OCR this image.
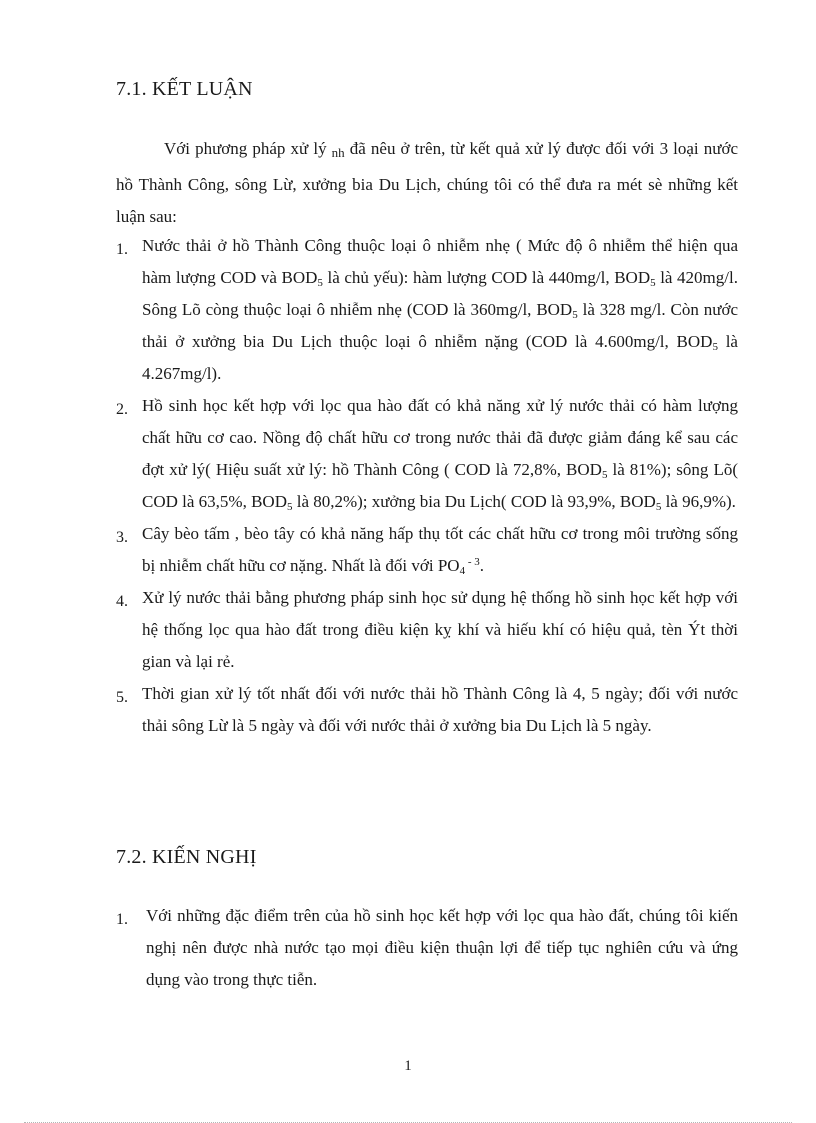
7.1. KẾT LUẬN

Với phương pháp xử lý nh đã nêu ở trên, từ kết quả xử lý được đối với 3 loại nước hồ Thành Công, sông Lừ, xưởng bia Du Lịch, chúng tôi có thể đưa ra mét sè những kết luận sau:

1. Nước thải ở hồ Thành Công thuộc loại ô nhiễm nhẹ ( Mức độ ô nhiễm thể hiện qua hàm lượng COD và $BOD_5$ là chủ yếu): hàm lượng COD là 440mg/l, $BOD_5$ là 420mg/l. Sông Lõ còng thuộc loại ô nhiễm nhẹ (COD là 360mg/l, $BOD_5$ là 328 mg/l. Còn nước thải ở xưởng bia Du Lịch thuộc loại ô nhiễm nặng (COD là 4.600mg/l, $BOD_5$ là 4.267mg/l).
2. Hồ sinh học kết hợp với lọc qua hào đất có khả năng xử lý nước thải có hàm lượng chất hữu cơ cao. Nồng độ chất hữu cơ trong nước thải đã được giảm đáng kể sau các đợt xử lý( Hiệu suất xử lý: hồ Thành Công ( COD là 72,8%, $BOD_5$ là 81%); sông Lõ( COD là 63,5%, $BOD_5$ là 80,2%); xưởng bia Du Lịch( COD là 93,9%, $BOD_5$ là 96,9%).
3. Cây bèo tấm , bèo tây có khả năng hấp thụ tốt các chất hữu cơ trong môi trường sống bị nhiễm chất hữu cơ nặng. Nhất là đối với $PO_4$ $^{- 3}$.
4. Xử lý nước thải bằng phương pháp sinh học sử dụng hệ thống hồ sinh học kết hợp với hệ thống lọc qua hào đất trong điều kiện kỵ khí và hiếu khí có hiệu quả, tèn Ýt thời gian và lại rẻ.
5. Thời gian xử lý tốt nhất đối với nước thải hồ Thành Công là 4, 5 ngày; đối với nước thải sông Lừ là 5 ngày và đối với nước thải ở xưởng bia Du Lịch là 5 ngày.
7.2. KIẾN NGHỊ
1. Với những đặc điểm trên của hồ sinh học kết hợp với lọc qua hào đất, chúng tôi kiến nghị nên được nhà nước tạo mọi điều kiện thuận lợi để tiếp tục nghiên cứu và ứng dụng vào trong thực tiễn.
1
